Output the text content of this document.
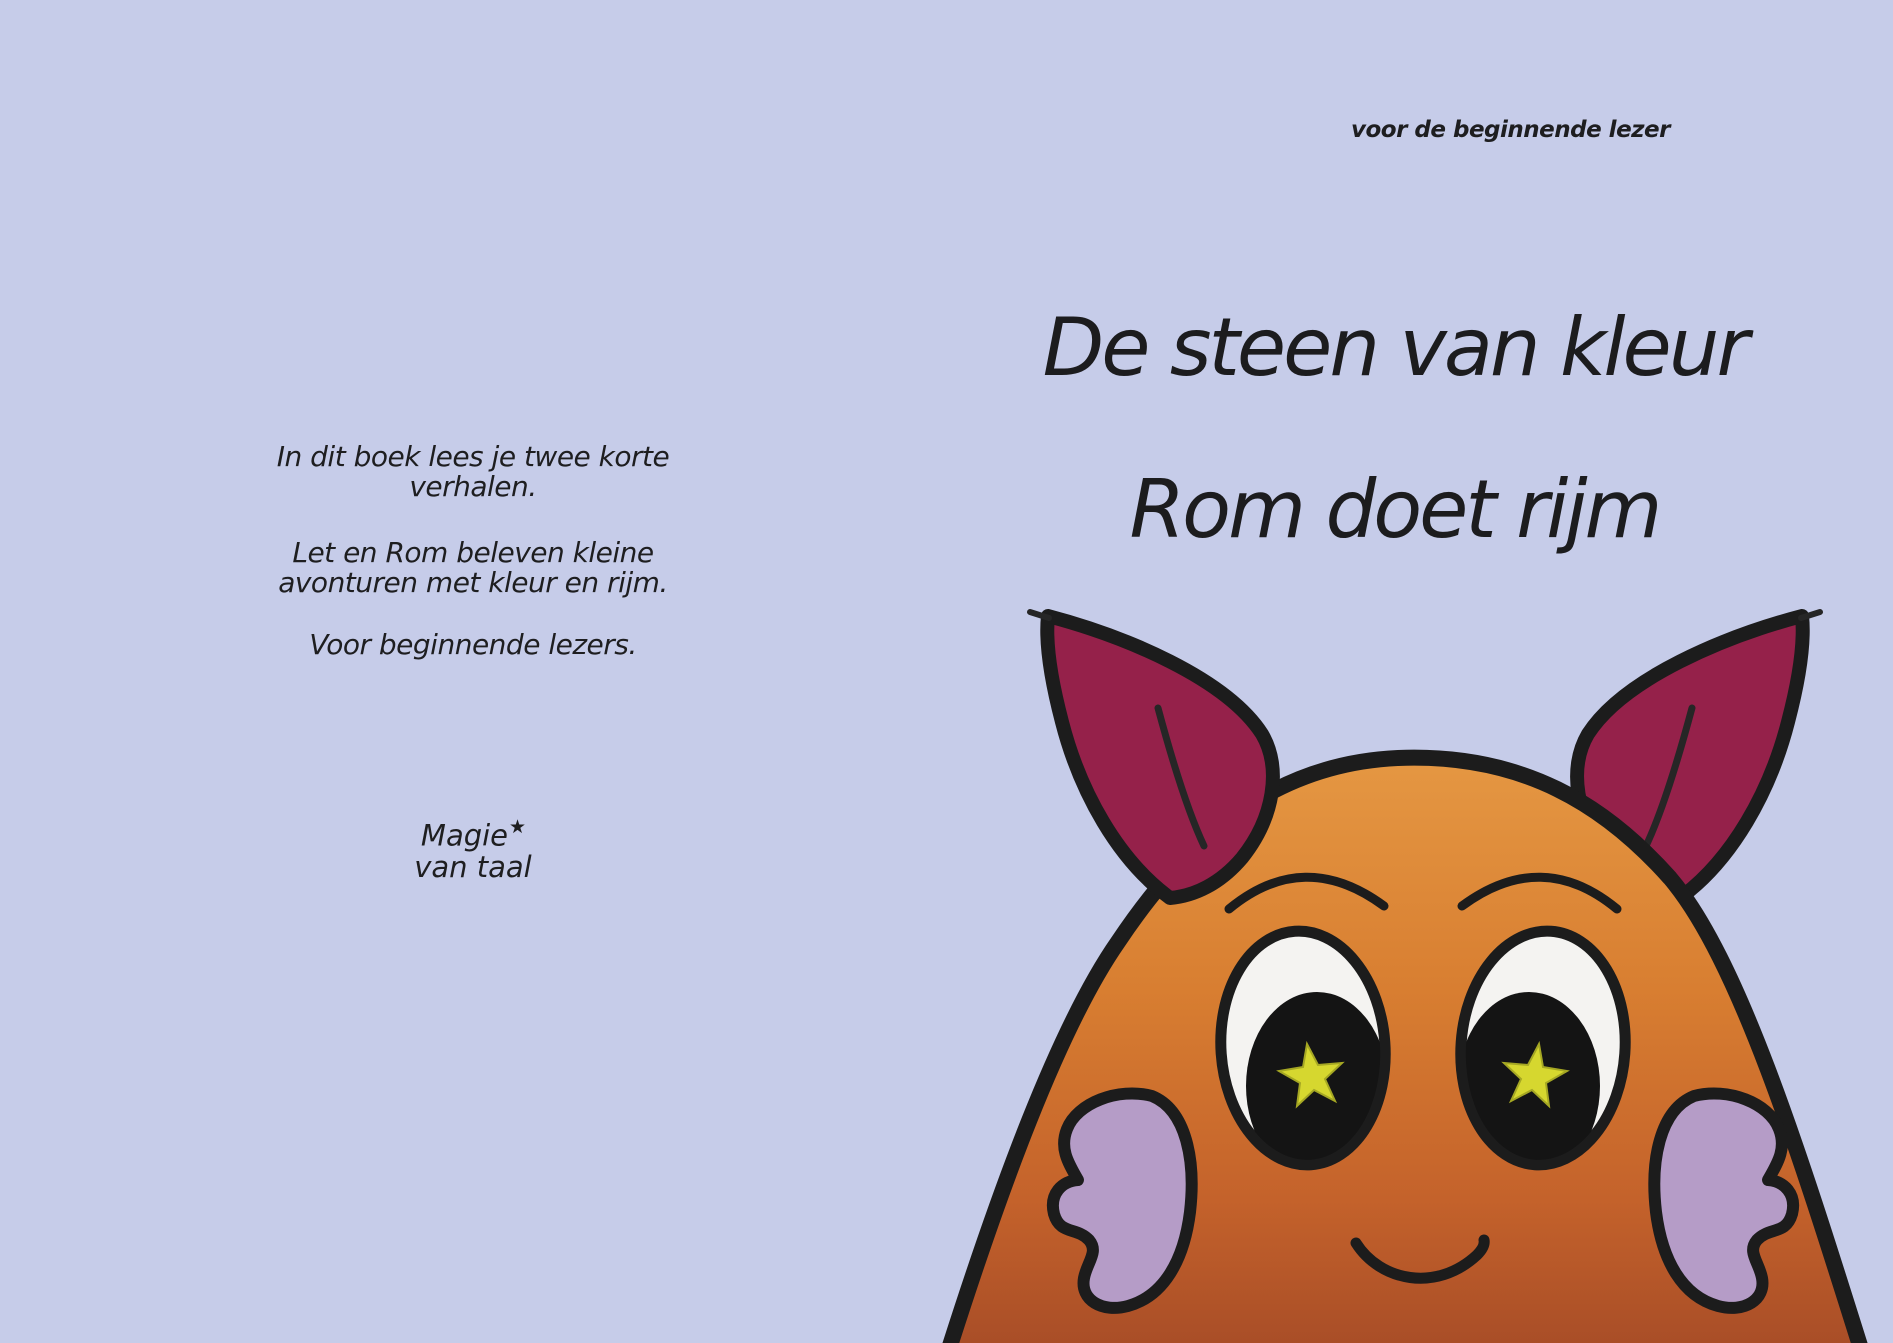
In dit boek lees je twee korte
verhalen.
Let en Rom beleven kleine
avonturen met kleur en rijm.
Voor beginnende lezers.
Magie★
van taal
voor de beginnende lezer
De steen van kleur
Rom doet rijm
